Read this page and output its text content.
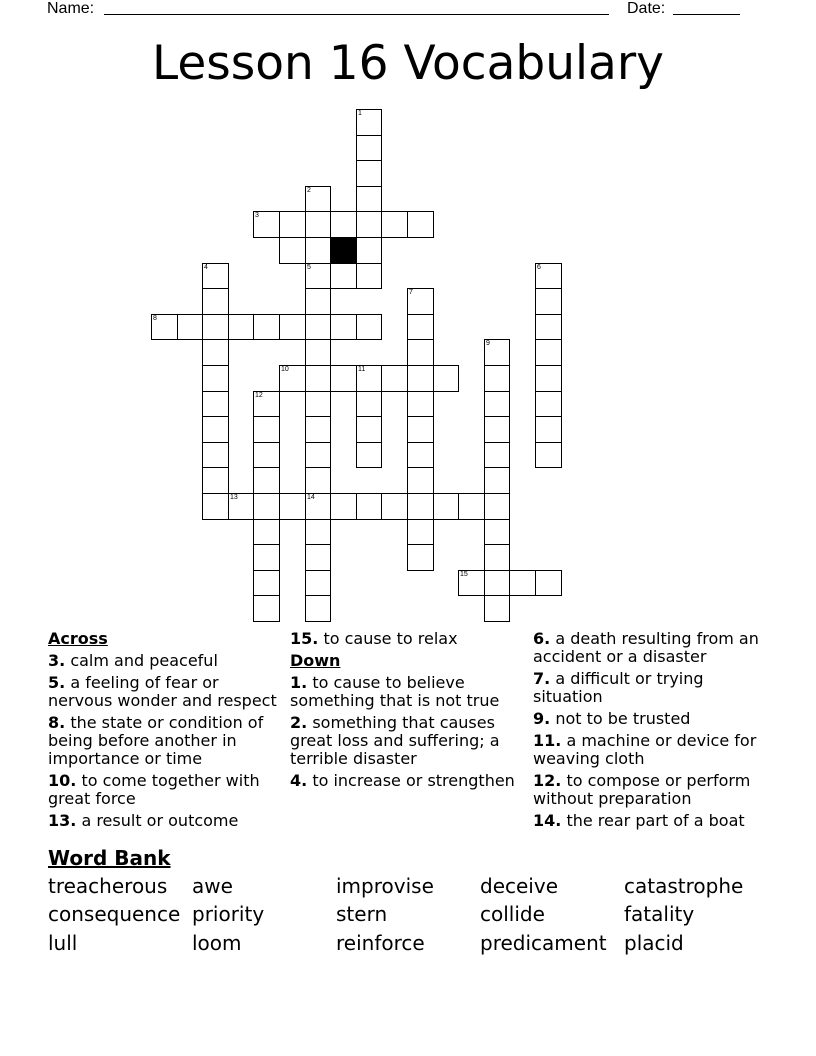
Name:	Date:
Lesson 16 Vocabulary
1
2
5
14
3
4	6
7
8
9
10	11
12
13
15
Across
3. calm and peaceful
5. a feeling of fear or nervous wonder and respect
8. the state or condition of being before another in importance or time
10. to come together with great force
13. a result or outcome
15. to cause to relax
Down
1. to cause to believe something that is not true
2. something that causes great loss and suffering; a terrible disaster
4. to increase or strengthen
6. a death resulting from an accident or a disaster
7. a difficult or trying situation
9. not to be trusted
11. a machine or device for weaving cloth
12. to compose or perform without preparation
14. the rear part of a boat
Word Bank
treacherous awe	improvise deceive	catastrophe
consequence priority	stern	collide	fatality
lull	loom	reinforce	predicament placid
